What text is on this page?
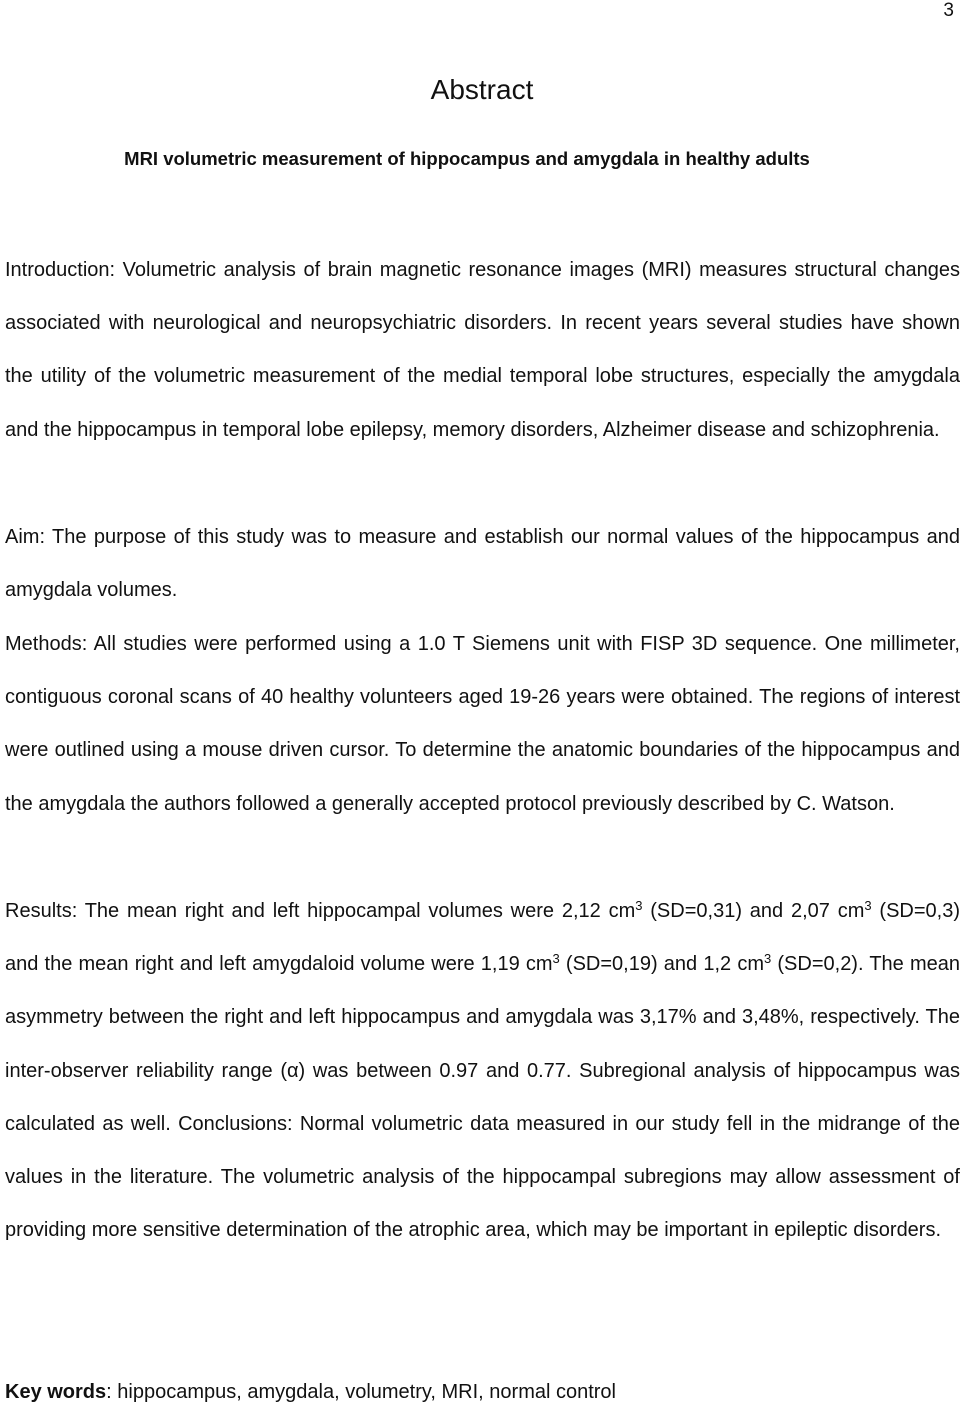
3
Abstract
MRI volumetric measurement of hippocampus and amygdala in healthy adults

Introduction: Volumetric analysis of brain magnetic resonance images (MRI) measures structural changes associated with neurological and neuropsychiatric disorders. In recent years several studies have shown the utility of the volumetric measurement of the medial temporal lobe structures, especially the amygdala and the hippocampus in temporal lobe epilepsy, memory disorders, Alzheimer disease and schizophrenia.

Aim: The purpose of this study was to measure and establish our normal values of the hippocampus and amygdala volumes.

Methods: All studies were performed using a 1.0 T Siemens unit with FISP 3D sequence. One millimeter, contiguous coronal scans of 40 healthy volunteers aged 19-26 years were obtained. The regions of interest were outlined using a mouse driven cursor. To determine the anatomic boundaries of the hippocampus and the amygdala the authors followed a generally accepted protocol previously described by C. Watson.

Results: The mean right and left hippocampal volumes were 2,12 $cm^3$ (SD=0,31) and 2,07 $cm^3$ (SD=0,3) and the mean right and left amygdaloid volume were 1,19 $cm^3$ (SD=0,19) and 1,2 $cm^3$ (SD=0,2). The mean asymmetry between the right and left hippocampus and amygdala was 3,17% and 3,48%, respectively. The inter-observer reliability range (α) was between 0.97 and 0.77. Subregional analysis of hippocampus was calculated as well. Conclusions: Normal volumetric data measured in our study fell in the midrange of the values in the literature. The volumetric analysis of the hippocampal subregions may allow assessment of providing more sensitive determination of the atrophic area, which may be important in epileptic disorders.

Key words: hippocampus, amygdala, volumetry, MRI, normal control
